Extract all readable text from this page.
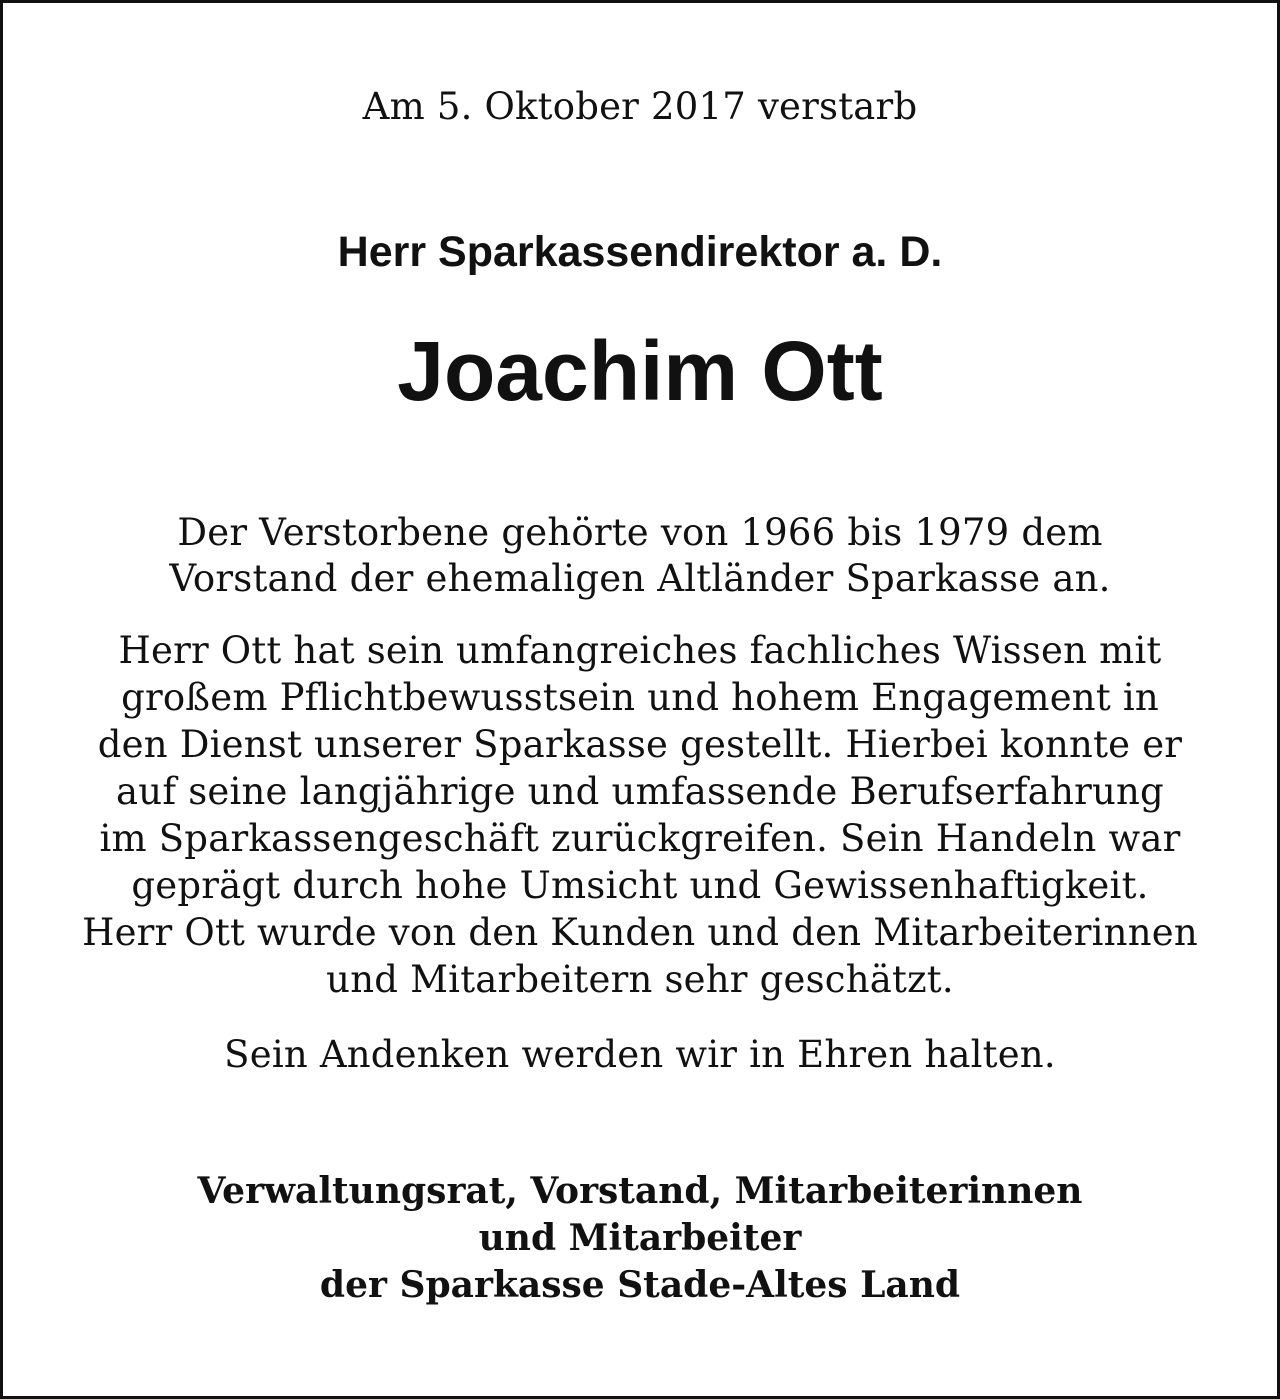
Am 5. Oktober 2017 verstarb
Herr Sparkassendirektor a. D.
Joachim Ott
Der Verstorbene gehörte von 1966 bis 1979 dem
Vorstand der ehemaligen Altländer Sparkasse an.
Herr Ott hat sein umfangreiches fachliches Wissen mit
großem Pflichtbewusstsein und hohem Engagement in
den Dienst unserer Sparkasse gestellt. Hierbei konnte er
auf seine langjährige und umfassende Berufserfahrung
im Sparkassengeschäft zurückgreifen. Sein Handeln war
geprägt durch hohe Umsicht und Gewissenhaftigkeit.
Herr Ott wurde von den Kunden und den Mitarbeiterinnen
und Mitarbeitern sehr geschätzt.
Sein Andenken werden wir in Ehren halten.
Verwaltungsrat, Vorstand, Mitarbeiterinnen
und Mitarbeiter
der Sparkasse Stade-Altes Land
